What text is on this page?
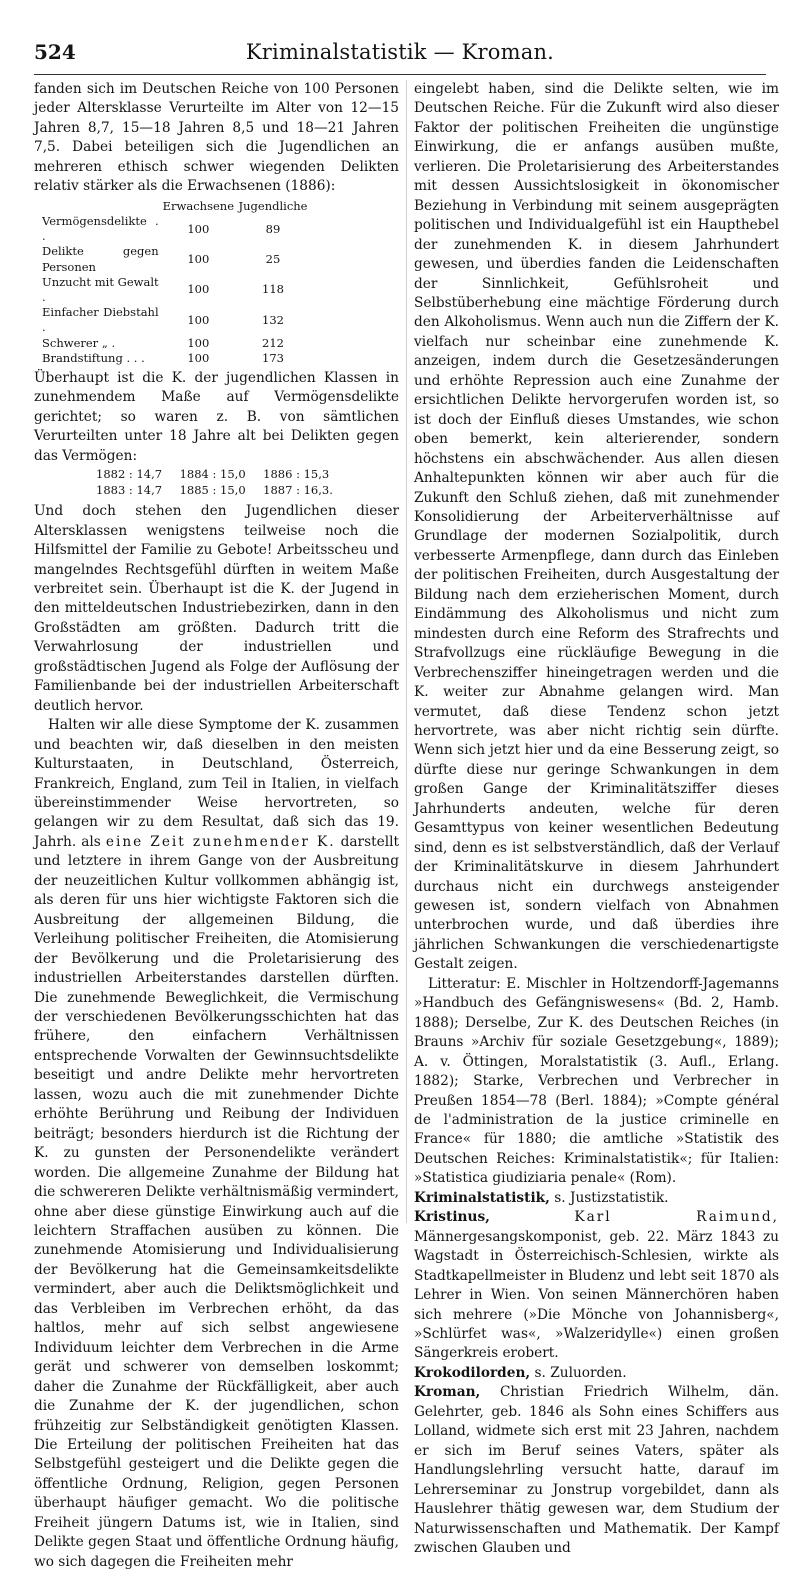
524	Kriminalstatistik — Kroman.

fanden sich im Deutschen Reiche von 100 Personen jeder Altersklasse Verurteilte im Alter von 12—15 Jahren 8,7, 15—18 Jahren 8,5 und 18—21 Jahren 7,5. Dabei beteiligen sich die Jugendlichen an mehreren ethisch schwer wiegenden Delikten relativ stärker als die Erwachsenen (1886):

	Erwachsene	Jugendliche
Vermögensdelikte . .	100	89
Delikte gegen Personen	100	25
Unzucht mit Gewalt .	100	118
Einfacher Diebstahl .	100	132
Schwerer „ .	100	212
Brandstiftung . . .	100	173

Überhaupt ist die K. der jugendlichen Klassen in zunehmendem Maße auf Vermögensdelikte gerichtet; so waren z. B. von sämtlichen Verurteilten unter 18 Jahre alt bei Delikten gegen das Vermögen:

1882 : 14,7	1884 : 15,0	1886 : 15,3
1883 : 14,7	1885 : 15,0	1887 : 16,3.

Und doch stehen den Jugendlichen dieser Altersklassen wenigstens teilweise noch die Hilfsmittel der Familie zu Gebote! Arbeitsscheu und mangelndes Rechtsgefühl dürften in weitem Maße verbreitet sein. Überhaupt ist die K. der Jugend in den mitteldeutschen Industriebezirken, dann in den Großstädten am größten. Dadurch tritt die Verwahrlosung der industriellen und großstädtischen Jugend als Folge der Auflösung der Familienbande bei der industriellen Arbeiterschaft deutlich hervor.

Halten wir alle diese Symptome der K. zusammen und beachten wir, daß dieselben in den meisten Kulturstaaten, in Deutschland, Österreich, Frankreich, England, zum Teil in Italien, in vielfach übereinstimmender Weise hervortreten, so gelangen wir zu dem Resultat, daß sich das 19. Jahrh. als eine Zeit zunehmender K. darstellt und letztere in ihrem Gange von der Ausbreitung der neuzeitlichen Kultur vollkommen abhängig ist, als deren für uns hier wichtigste Faktoren sich die Ausbreitung der allgemeinen Bildung, die Verleihung politischer Freiheiten, die Atomisierung der Bevölkerung und die Proletarisierung des industriellen Arbeiterstandes darstellen dürften. Die zunehmende Beweglichkeit, die Vermischung der verschiedenen Bevölkerungsschichten hat das frühere, den einfachern Verhältnissen entsprechende Vorwalten der Gewinnsuchtsdelikte beseitigt und andre Delikte mehr hervortreten lassen, wozu auch die mit zunehmender Dichte erhöhte Berührung und Reibung der Individuen beiträgt; besonders hierdurch ist die Richtung der K. zu gunsten der Personendelikte verändert worden. Die allgemeine Zunahme der Bildung hat die schwereren Delikte verhältnismäßig vermindert, ohne aber diese günstige Einwirkung auch auf die leichtern Straffachen ausüben zu können. Die zunehmende Atomisierung und Individualisierung der Bevölkerung hat die Gemeinsamkeitsdelikte vermindert, aber auch die Deliktsmöglichkeit und das Verbleiben im Verbrechen erhöht, da das haltlos, mehr auf sich selbst angewiesene Individuum leichter dem Verbrechen in die Arme gerät und schwerer von demselben loskommt; daher die Zunahme der Rückfälligkeit, aber auch die Zunahme der K. der jugendlichen, schon frühzeitig zur Selbständigkeit genötigten Klassen. Die Erteilung der politischen Freiheiten hat das Selbstgefühl gesteigert und die Delikte gegen die öffentliche Ordnung, Religion, gegen Personen überhaupt häufiger gemacht. Wo die politische Freiheit jüngern Datums ist, wie in Italien, sind Delikte gegen Staat und öffentliche Ordnung häufig, wo sich dagegen die Freiheiten mehr

eingelebt haben, sind die Delikte selten, wie im Deutschen Reiche. Für die Zukunft wird also dieser Faktor der politischen Freiheiten die ungünstige Einwirkung, die er anfangs ausüben mußte, verlieren. Die Proletarisierung des Arbeiterstandes mit dessen Aussichtslosigkeit in ökonomischer Beziehung in Verbindung mit seinem ausgeprägten politischen und Individualgefühl ist ein Haupthebel der zunehmenden K. in diesem Jahrhundert gewesen, und überdies fanden die Leidenschaften der Sinnlichkeit, Gefühlsroheit und Selbstüberhebung eine mächtige Förderung durch den Alkoholismus. Wenn auch nun die Ziffern der K. vielfach nur scheinbar eine zunehmende K. anzeigen, indem durch die Gesetzesänderungen und erhöhte Repression auch eine Zunahme der ersichtlichen Delikte hervorgerufen worden ist, so ist doch der Einfluß dieses Umstandes, wie schon oben bemerkt, kein alterierender, sondern höchstens ein abschwächender. Aus allen diesen Anhaltepunkten können wir aber auch für die Zukunft den Schluß ziehen, daß mit zunehmender Konsolidierung der Arbeiterverhältnisse auf Grundlage der modernen Sozialpolitik, durch verbesserte Armenpflege, dann durch das Einleben der politischen Freiheiten, durch Ausgestaltung der Bildung nach dem erzieherischen Moment, durch Eindämmung des Alkoholismus und nicht zum mindesten durch eine Reform des Strafrechts und Strafvollzugs eine rückläufige Bewegung in die Verbrechensziffer hineingetragen werden und die K. weiter zur Abnahme gelangen wird. Man vermutet, daß diese Tendenz schon jetzt hervortrete, was aber nicht richtig sein dürfte. Wenn sich jetzt hier und da eine Besserung zeigt, so dürfte diese nur geringe Schwankungen in dem großen Gange der Kriminalitätsziffer dieses Jahrhunderts andeuten, welche für deren Gesamttypus von keiner wesentlichen Bedeutung sind, denn es ist selbstverständlich, daß der Verlauf der Kriminalitätskurve in diesem Jahrhundert durchaus nicht ein durchwegs ansteigender gewesen ist, sondern vielfach von Abnahmen unterbrochen wurde, und daß überdies ihre jährlichen Schwankungen die verschiedenartigste Gestalt zeigen.

Litteratur: E. Mischler in Holtzendorff-Jagemanns »Handbuch des Gefängniswesens« (Bd. 2, Hamb. 1888); Derselbe, Zur K. des Deutschen Reiches (in Brauns »Archiv für soziale Gesetzgebung«, 1889); A. v. Öttingen, Moralstatistik (3. Aufl., Erlang. 1882); Starke, Verbrechen und Verbrecher in Preußen 1854—78 (Berl. 1884); »Compte général de l'administration de la justice criminelle en France« für 1880; die amtliche »Statistik des Deutschen Reiches: Kriminalstatistik«; für Italien: »Statistica giudiziaria penale« (Rom).

Kriminalstatistik, s. Justizstatistik.

Kristinus, Karl Raimund, Männergesangskomponist, geb. 22. März 1843 zu Wagstadt in Österreichisch-Schlesien, wirkte als Stadtkapellmeister in Bludenz und lebt seit 1870 als Lehrer in Wien. Von seinen Männerchören haben sich mehrere (»Die Mönche von Johannisberg«, »Schlürfet was«, »Walzeridylle«) einen großen Sängerkreis erobert.

Krokodilorden, s. Zuluorden.

Kroman, Christian Friedrich Wilhelm, dän. Gelehrter, geb. 1846 als Sohn eines Schiffers aus Lolland, widmete sich erst mit 23 Jahren, nachdem er sich im Beruf seines Vaters, später als Handlungslehrling versucht hatte, darauf im Lehrerseminar zu Jonstrup vorgebildet, dann als Hauslehrer thätig gewesen war, dem Studium der Naturwissenschaften und Mathematik. Der Kampf zwischen Glauben und
